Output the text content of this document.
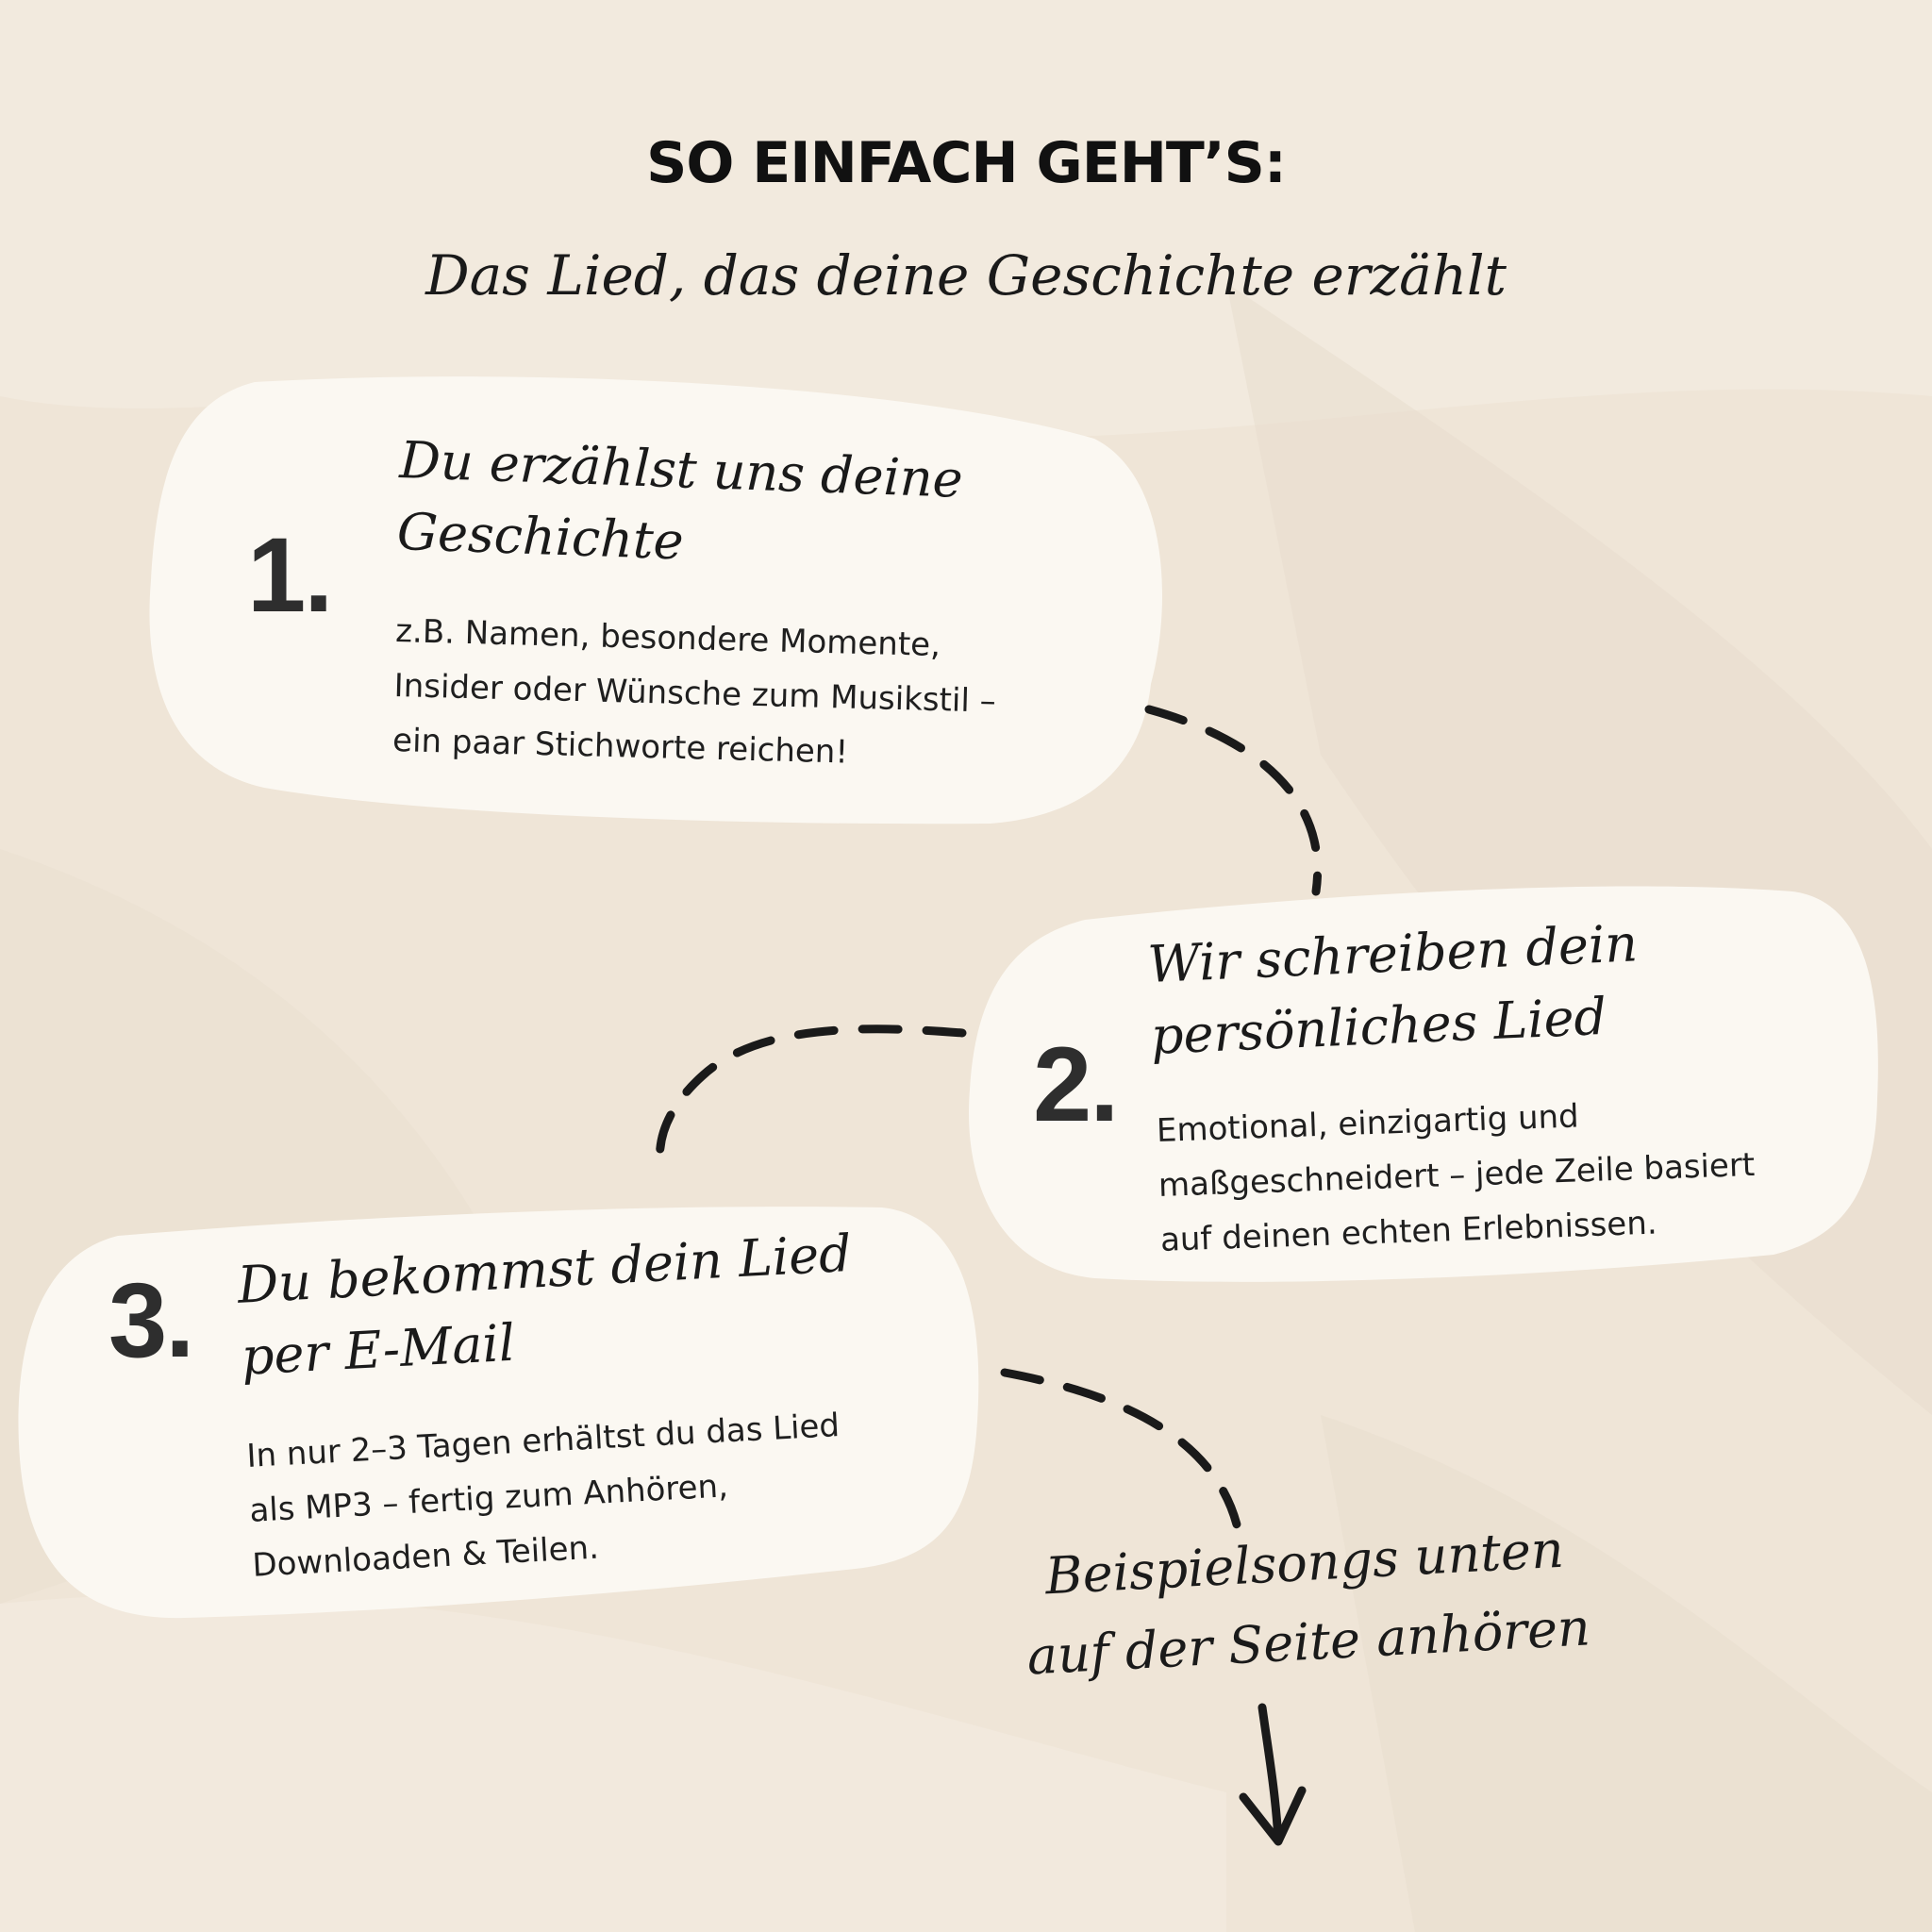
SO EINFACH GEHT’S:

Das Lied, das deine Geschichte erzählt

1.

Du erzählst uns deine
Geschichte

z.B. Namen, besondere Momente,
Insider oder Wünsche zum Musikstil –
ein paar Stichworte reichen!

2.

Wir schreiben dein
persönliches Lied

Emotional, einzigartig und
maßgeschneidert – jede Zeile basiert
auf deinen echten Erlebnissen.

3. Du bekommst dein Lied
per E-Mail

In nur 2–3 Tagen erhältst du das Lied
als MP3 – fertig zum Anhören,
Downloaden & Teilen.	Beispielsongs unten
auf der Seite anhören
